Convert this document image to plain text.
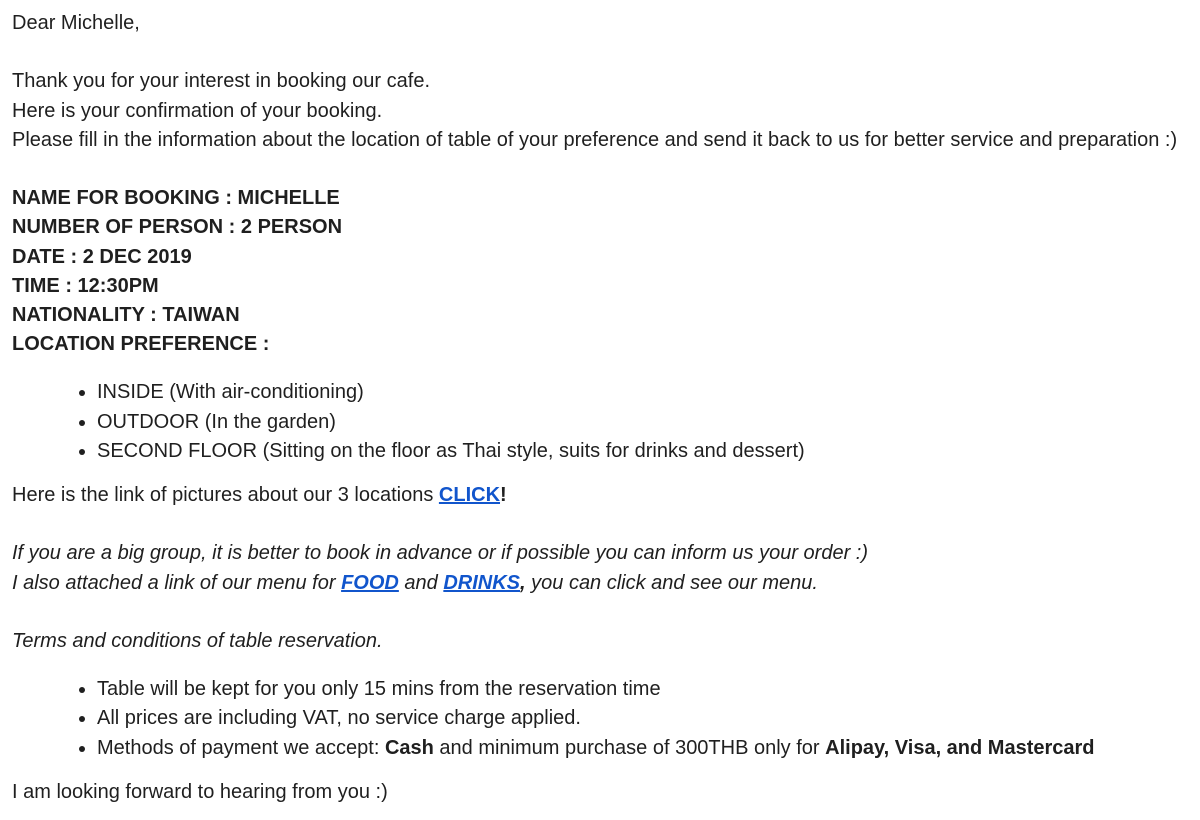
Dear Michelle,
Thank you for your interest in booking our cafe.
Here is your confirmation of your booking.
Please fill in the information about the location of table of your preference and send it back to us for better service and preparation :)
NAME FOR BOOKING : MICHELLE
NUMBER OF PERSON : 2 PERSON
DATE : 2 DEC 2019
TIME : 12:30PM
NATIONALITY : TAIWAN
LOCATION PREFERENCE :
• INSIDE (With air-conditioning)
• OUTDOOR (In the garden)
• SECOND FLOOR (Sitting on the floor as Thai style, suits for drinks and dessert)
Here is the link of pictures about our 3 locations CLICK!
If you are a big group, it is better to book in advance or if possible you can inform us your order :)
I also attached a link of our menu for FOOD and DRINKS, you can click and see our menu.
Terms and conditions of table reservation.
• Table will be kept for you only 15 mins from the reservation time
• All prices are including VAT, no service charge applied.
• Methods of payment we accept: Cash and minimum purchase of 300THB only for Alipay, Visa, and Mastercard
I am looking forward to hearing from you :)
